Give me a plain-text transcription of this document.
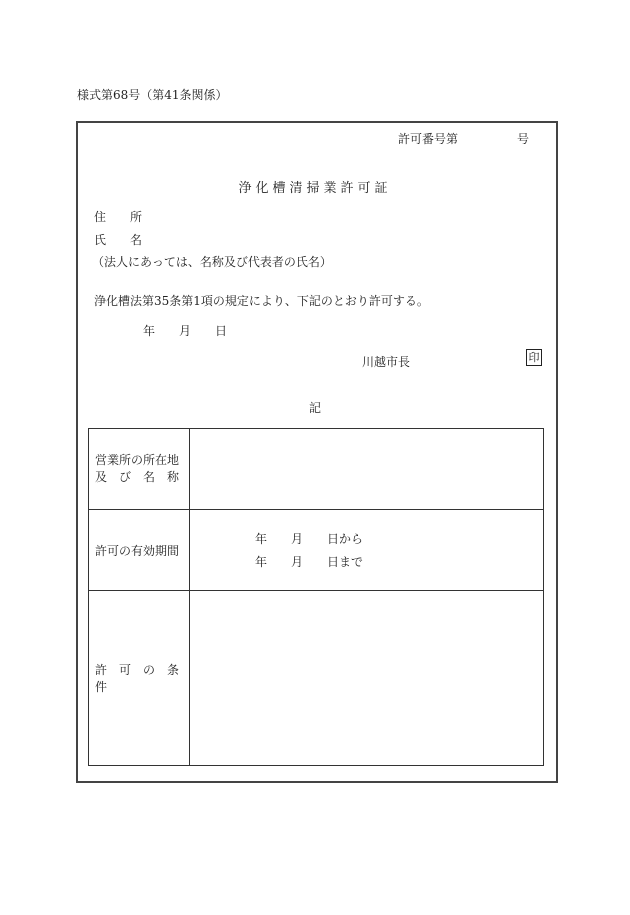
様式第68号（第41条関係）
許可番号第	号
浄化槽清掃業許可証
住　　所
氏　　名
（法人にあっては、名称及び代表者の氏名）
浄化槽法第35条第1項の規定により、下記のとおり許可する。
年　　月　　日
川越市長	印
記
営業所の所在地
及　び　名　称	

許可の有効期間	年　　月　　日から
年　　月　　日まで

許　可　の　条　件	
